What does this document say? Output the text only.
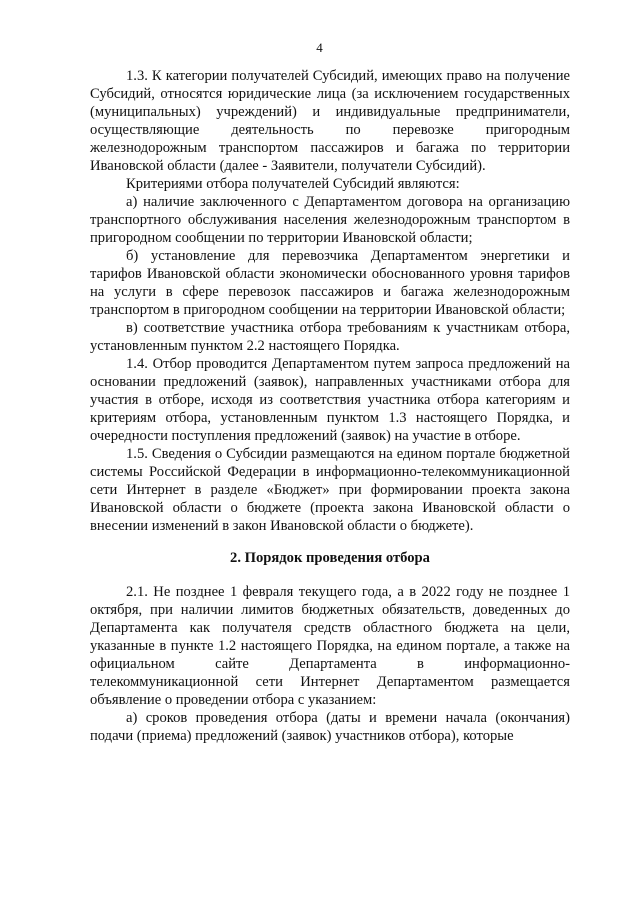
4

1.3. К категории получателей Субсидий, имеющих право на получение Субсидий, относятся юридические лица (за исключением государственных (муниципальных) учреждений) и индивидуальные предприниматели, осуществляющие деятельность по перевозке пригородным железнодорожным транспортом пассажиров и багажа по территории Ивановской области (далее - Заявители, получатели Субсидий).

Критериями отбора получателей Субсидий являются:

а) наличие заключенного с Департаментом договора на организацию транспортного обслуживания населения железнодорожным транспортом в пригородном сообщении по территории Ивановской области;

б) установление для перевозчика Департаментом энергетики и тарифов Ивановской области экономически обоснованного уровня тарифов на услуги в сфере перевозок пассажиров и багажа железнодорожным транспортом в пригородном сообщении на территории Ивановской области;

в) соответствие участника отбора требованиям к участникам отбора, установленным пунктом 2.2 настоящего Порядка.

1.4. Отбор проводится Департаментом путем запроса предложений на основании предложений (заявок), направленных участниками отбора для участия в отборе, исходя из соответствия участника отбора категориям и критериям отбора, установленным пунктом 1.3 настоящего Порядка, и очередности поступления предложений (заявок) на участие в отборе.

1.5. Сведения о Субсидии размещаются на едином портале бюджетной системы Российской Федерации в информационно-телекоммуникационной сети Интернет в разделе «Бюджет» при формировании проекта закона Ивановской области о бюджете (проекта закона Ивановской области о внесении изменений в закон Ивановской области о бюджете).

2. Порядок проведения отбора

2.1. Не позднее 1 февраля текущего года, а в 2022 году не позднее 1 октября, при наличии лимитов бюджетных обязательств, доведенных до Департамента как получателя средств областного бюджета на цели, указанные в пункте 1.2 настоящего Порядка, на едином портале, а также на официальном сайте Департамента в информационно-телекоммуникационной сети Интернет Департаментом размещается объявление о проведении отбора с указанием:

а) сроков проведения отбора (даты и времени начала (окончания) подачи (приема) предложений (заявок) участников отбора), которые
